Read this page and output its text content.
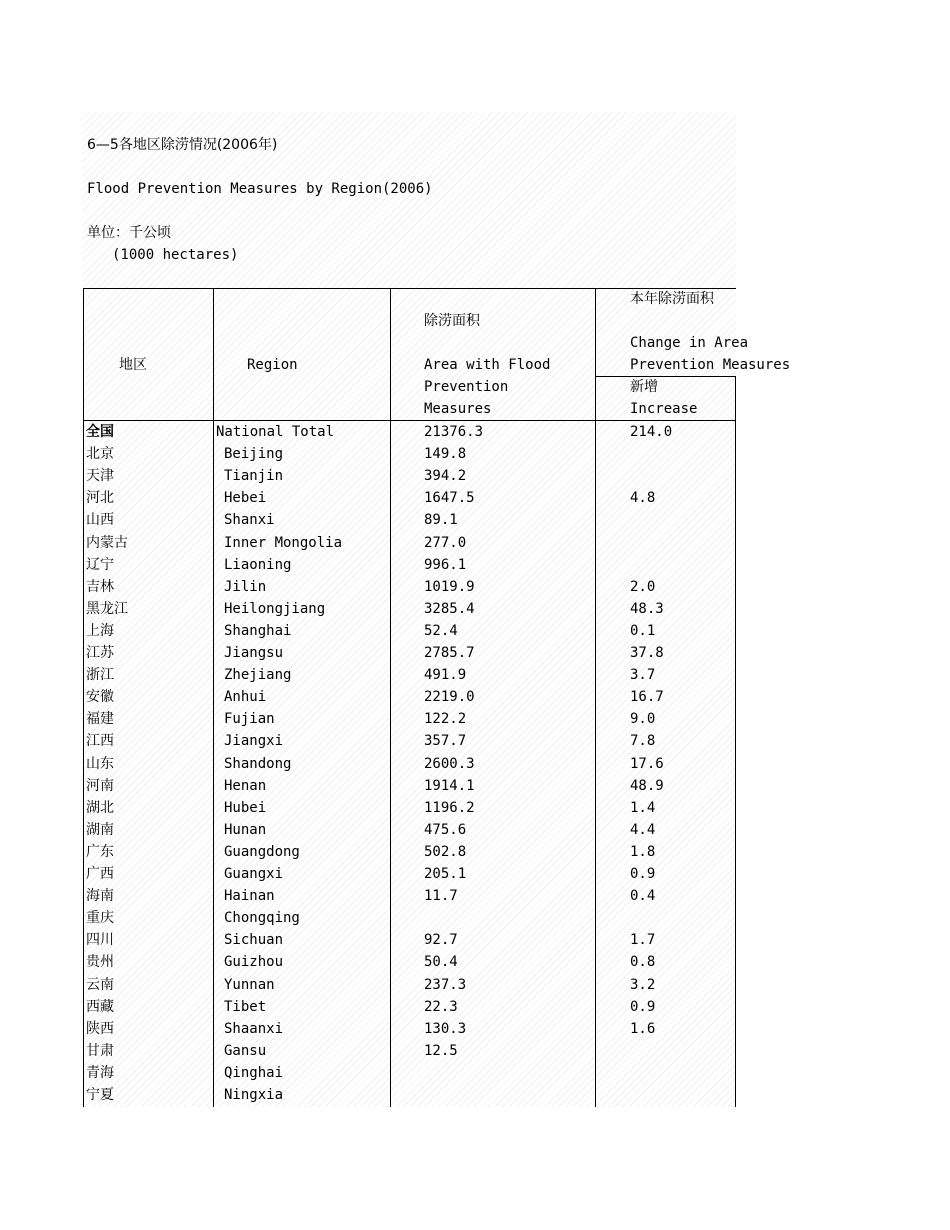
6—5各地区除涝情况(2006年)
Flood Prevention Measures by Region(2006)
单位：千公顷
(1000 hectares)
地区	Region
除涝面积
Area with Flood
Prevention
Measures
本年除涝面积
Change in Area
Prevention Measures
新增
Increase
全国	National Total	21376.3	214.0
北京	Beijing	149.8
天津	Tianjin	394.2
河北	Hebei	1647.5	4.8
山西	Shanxi	89.1
内蒙古	Inner Mongolia	277.0
辽宁	Liaoning	996.1
吉林	Jilin	1019.9	2.0
黑龙江	Heilongjiang	3285.4	48.3
上海	Shanghai	52.4	0.1
江苏	Jiangsu	2785.7	37.8
浙江	Zhejiang	491.9	3.7
安徽	Anhui	2219.0	16.7
福建	Fujian	122.2	9.0
江西	Jiangxi	357.7	7.8
山东	Shandong	2600.3	17.6
河南	Henan	1914.1	48.9
湖北	Hubei	1196.2	1.4
湖南	Hunan	475.6	4.4
广东	Guangdong	502.8	1.8
广西	Guangxi	205.1	0.9
海南	Hainan	11.7	0.4
重庆	Chongqing
四川	Sichuan	92.7	1.7
贵州	Guizhou	50.4	0.8
云南	Yunnan	237.3	3.2
西藏	Tibet	22.3	0.9
陕西	Shaanxi	130.3	1.6
甘肃	Gansu	12.5
青海	Qinghai
宁夏	Ningxia
